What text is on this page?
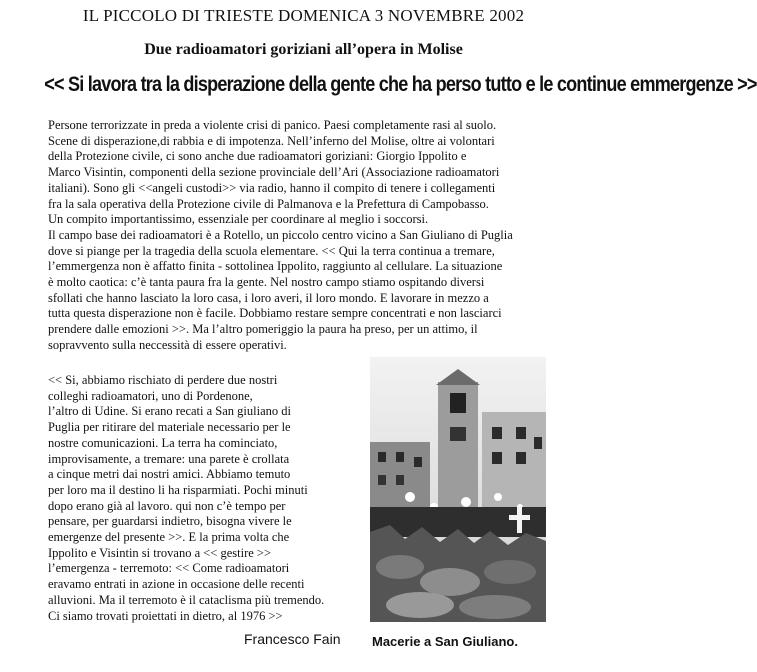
IL PICCOLO DI TRIESTE DOMENICA 3 NOVEMBRE 2002
Due radioamatori goriziani all’opera in Molise
<< Si lavora tra la disperazione della gente che ha perso tutto e le continue emmergenze >>
Persone terrorizzate in preda a violente crisi di panico. Paesi completamente rasi al suolo.
Scene di disperazione,di rabbia e di impotenza. Nell’inferno del Molise, oltre ai volontari
della Protezione civile, ci sono anche due radioamatori goriziani: Giorgio Ippolito e
Marco Visintin, componenti della sezione provinciale dell’Ari (Associazione radioamatori
italiani). Sono gli <<angeli custodi>> via radio, hanno il compito di tenere i collegamenti
fra la sala operativa della Protezione civile di Palmanova e la Prefettura di Campobasso.
Un compito importantissimo, essenziale per coordinare al meglio i soccorsi.
Il campo base dei radioamatori è a Rotello, un piccolo centro vicino a San Giuliano di Puglia
dove si piange per la tragedia della scuola elementare. << Qui la terra continua a tremare,
l’emmergenza non è affatto finita - sottolinea Ippolito, raggiunto al cellulare. La situazione
è molto caotica: c’è tanta paura fra la gente. Nel nostro campo stiamo ospitando diversi
sfollati che hanno lasciato la loro casa, i loro averi, il loro mondo. E lavorare in mezzo a
tutta questa disperazione non è facile. Dobbiamo restare sempre concentrati e non lasciarci
prendere dalle emozioni >>. Ma l’altro pomeriggio la paura ha preso, per un attimo, il
sopravvento sulla neccessità di essere operativi.
<< Si, abbiamo rischiato di perdere due nostri
colleghi radioamatori, uno di Pordenone,
l’altro di Udine. Si erano recati a San giuliano di
Puglia per ritirare del materiale necessario per le
nostre comunicazioni. La terra ha cominciato,
improvisamente, a tremare: una parete è crollata
a cinque metri dai nostri amici. Abbiamo temuto
per loro ma il destino li ha risparmiati. Pochi minuti
dopo erano già al lavoro. qui non c’è tempo per
pensare, per guardarsi indietro, bisogna vivere le
emergenze del presente >>. E la prima volta che
Ippolito e Visintin si trovano a << gestire >>
l’emergenza - terremoto: << Come radioamatori
eravamo entrati in azione in occasione delle recenti
alluvioni. Ma il terremoto è il cataclisma più tremendo.
Ci siamo trovati proiettati in dietro, al 1976 >>
Francesco Fain Macerie a San Giuliano.
